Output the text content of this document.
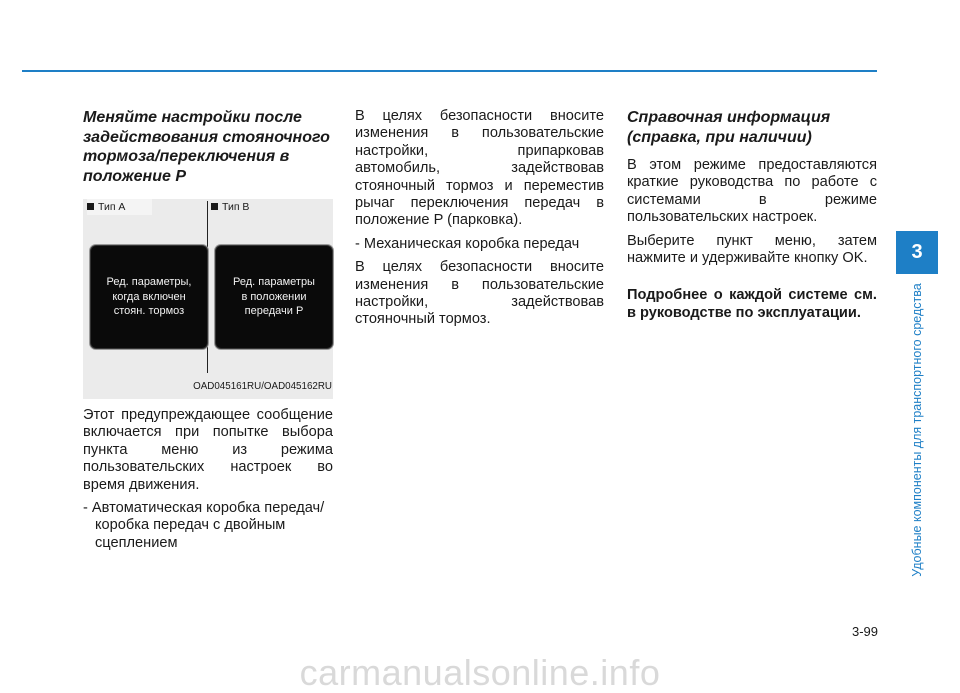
Меняйте настройки после задействования стояночного тормоза/переключения в положение P

Тип A	Тип B
Ред. параметры,
когда включен
стоян. тормоз
Ред. параметры
в положении
передачи P
OAD045161RU/OAD045162RU

Этот предупреждающее сообщение включается при попытке выбора пункта меню из режима пользовательских настроек во время движения.

- Автоматическая коробка передач/коробка передач с двойным сцеплением

В целях безопасности вносите изменения в пользовательские настройки, припарковав автомобиль, задействовав стояночный тормоз и переместив рычаг переключения передач в положение P (парковка).

- Механическая коробка передач

В целях безопасности вносите изменения в пользовательские настройки, задействовав стояночный тормоз.

Справочная информация (справка, при наличии)

В этом режиме предоставляются краткие руководства по работе с системами в режиме пользовательских настроек.

Выберите пункт меню, затем нажмите и удерживайте кнопку OK.

Подробнее о каждой системе см. в руководстве по эксплуатации.

3
Удобные компоненты для транспортного средства
3-99
carmanualsonline.info
